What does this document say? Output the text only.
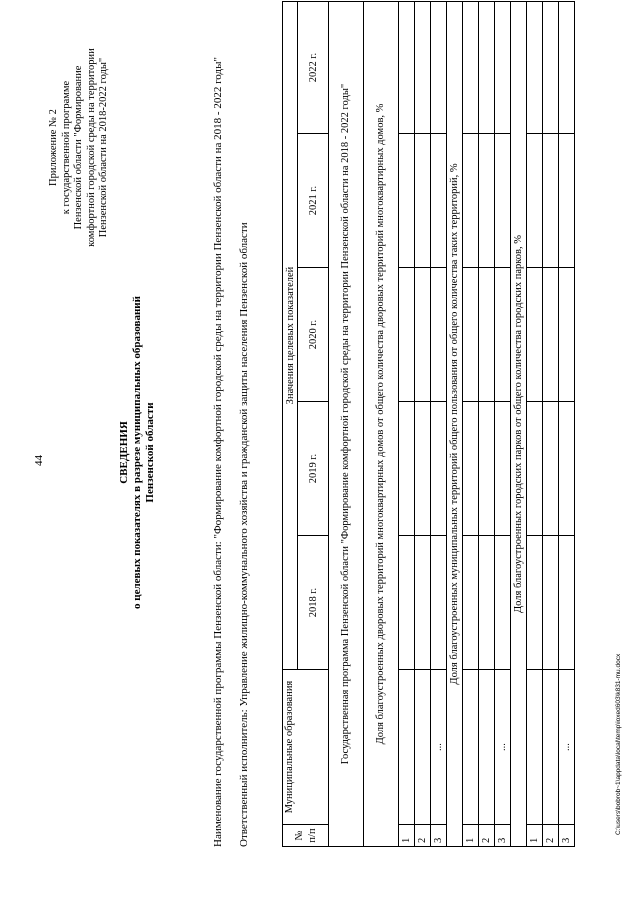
44
Приложение № 2 к государственной программе Пензенской области "Формирование комфортной городской среды на территории Пензенской области на 2018-2022 годы"
СВЕДЕНИЯ о целевых показателях в разрезе муниципальных образований Пензенской области	Наименование государственной программы Пензенской области: "Формирование комфортной городской среды на территории Пензенской области на 2018 - 2022 годы" Ответственный исполнитель: Управление жилищно-коммунального хозяйства и гражданской защиты населения Пензенской области	№ п/п	Муниципальные образования	Значения целевых показателей				
		2018 г.	2019 г.	2020 г.	2021 г.	2022 г.
Государственная программа Пензенской области "Формирование комфортной городской среды на территории Пензенской области на 2018 - 2022 годы"						
Доля благоустроенных дворовых территорий многоквартирных домов от общего количества дворовых территорий многоквартирных домов, %						
1						
2						
3	...					
Доля благоустроенных муниципальных территорий общего пользования от общего количества таких территорий, %						
1						
2						
3	...					
Доля благоустроенных городских парков от общего количества городских парков, %						
1						
2						
3	...						C:\users\bobrob~1\appdata\local\temp\ioxed603\k831-mu.docx
